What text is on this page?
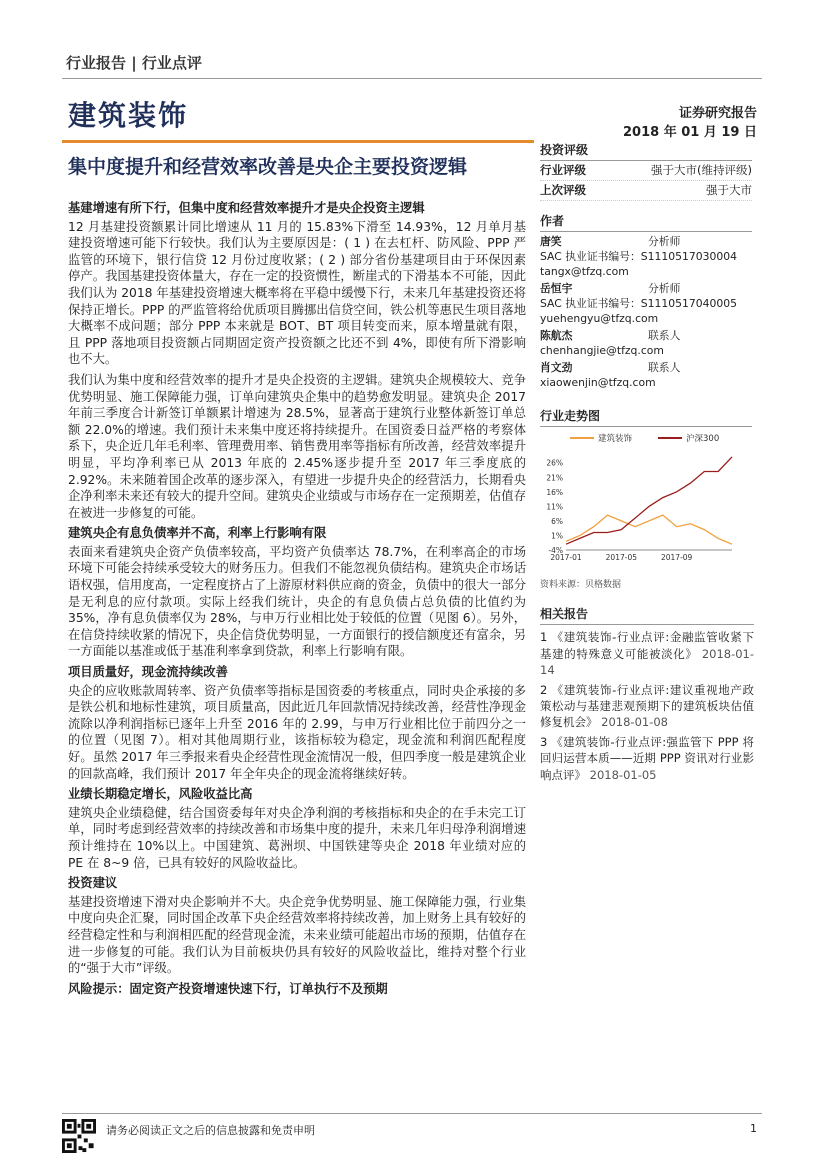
行业报告 | 行业点评
建筑装饰	证券研究报告
2018 年 01 月 19 日
集中度提升和经营效率改善是央企主要投资逻辑
基建增速有所下行，但集中度和经营效率提升才是央企投资主逻辑

12 月基建投资额累计同比增速从 11 月的 15.83%下滑至 14.93%，12 月单月基建投资增速可能下行较快。我们认为主要原因是：( 1 ) 在去杠杆、防风险、PPP 严监管的环境下，银行信贷 12 月份过度收紧；( 2 ) 部分省份基建项目由于环保因素停产。我国基建投资体量大，存在一定的投资惯性，断崖式的下滑基本不可能，因此我们认为 2018 年基建投资增速大概率将在平稳中缓慢下行，未来几年基建投资还将保持正增长。PPP 的严监管将给优质项目腾挪出信贷空间，铁公机等惠民生项目落地大概率不成问题；部分 PPP 本来就是 BOT、BT 项目转变而来，原本增量就有限，且 PPP 落地项目投资额占同期固定资产投资额之比还不到 4%，即使有所下滑影响也不大。

我们认为集中度和经营效率的提升才是央企投资的主逻辑。建筑央企规模较大、竞争优势明显、施工保障能力强，订单向建筑央企集中的趋势愈发明显。建筑央企 2017 年前三季度合计新签订单额累计增速为 28.5%，显著高于建筑行业整体新签订单总额 22.0%的增速。我们预计未来集中度还将持续提升。在国资委日益严格的考察体系下，央企近几年毛利率、管理费用率、销售费用率等指标有所改善，经营效率提升明显，平均净利率已从 2013 年底的 2.45%逐步提升至 2017 年三季度底的 2.92%。未来随着国企改革的逐步深入，有望进一步提升央企的经营活力，长期看央企净利率未来还有较大的提升空间。建筑央企业绩或与市场存在一定预期差，估值存在被进一步修复的可能。

建筑央企有息负债率并不高，利率上行影响有限

表面来看建筑央企资产负债率较高，平均资产负债率达 78.7%，在利率高企的市场环境下可能会持续承受较大的财务压力。但我们不能忽视负债结构。建筑央企市场话语权强，信用度高，一定程度挤占了上游原材料供应商的资金，负债中的很大一部分是无利息的应付款项。实际上经我们统计，央企的有息负债占总负债的比值约为 35%，净有息负债率仅为 28%，与申万行业相比处于较低的位置（见图 6）。另外，在信贷持续收紧的情况下，央企信贷优势明显，一方面银行的授信额度还有富余，另一方面能以基准或低于基准利率拿到贷款，利率上行影响有限。

项目质量好，现金流持续改善

央企的应收账款周转率、资产负债率等指标是国资委的考核重点，同时央企承接的多是铁公机和地标性建筑，项目质量高，因此近几年回款情况持续改善，经营性净现金流除以净利润指标已逐年上升至 2016 年的 2.99，与申万行业相比位于前四分之一的位置（见图 7）。相对其他周期行业，该指标较为稳定，现金流和利润匹配程度好。虽然 2017 年三季报来看央企经营性现金流情况一般，但四季度一般是建筑企业的回款高峰，我们预计 2017 年全年央企的现金流将继续好转。

业绩长期稳定增长，风险收益比高

建筑央企业绩稳健，结合国资委每年对央企净利润的考核指标和央企的在手未完工订单，同时考虑到经营效率的持续改善和市场集中度的提升，未来几年归母净利润增速预计维持在 10%以上。中国建筑、葛洲坝、中国铁建等央企 2018 年业绩对应的 PE 在 8~9 倍，已具有较好的风险收益比。

投资建议

基建投资增速下滑对央企影响并不大。央企竞争优势明显、施工保障能力强，行业集中度向央企汇聚，同时国企改革下央企经营效率将持续改善，加上财务上具有较好的经营稳定性和与利润相匹配的经营现金流，未来业绩可能超出市场的预期，估值存在进一步修复的可能。我们认为目前板块仍具有较好的风险收益比，维持对整个行业的“强于大市”评级。

风险提示：固定资产投资增速快速下行，订单执行不及预期
投资评级
行业评级	强于大市(维持评级)
上次评级	强于大市
作者
唐笑	分析师
SAC 执业证书编号：S1110517030004
tangx@tfzq.com
岳恒宇	分析师
SAC 执业证书编号：S1110517040005
yuehengyu@tfzq.com
陈航杰	联系人
chenhangjie@tfzq.com
肖文劲	联系人
xiaowenjin@tfzq.com
行业走势图
建筑装饰	沪深300
-4%
1%
6%
11%
16%
21%
26%
2017-01	2017-05	2017-09
资料来源：贝格数据
相关报告
1 《建筑装饰-行业点评:金融监管收紧下基建的特殊意义可能被淡化》 2018-01-14
2 《建筑装饰-行业点评:建议重视地产政策松动与基建悲观预期下的建筑板块估值修复机会》 2018-01-08
3 《建筑装饰-行业点评:强监管下 PPP 将回归运营本质——近期 PPP 资讯对行业影响点评》 2018-01-05
请务必阅读正文之后的信息披露和免责申明	1
